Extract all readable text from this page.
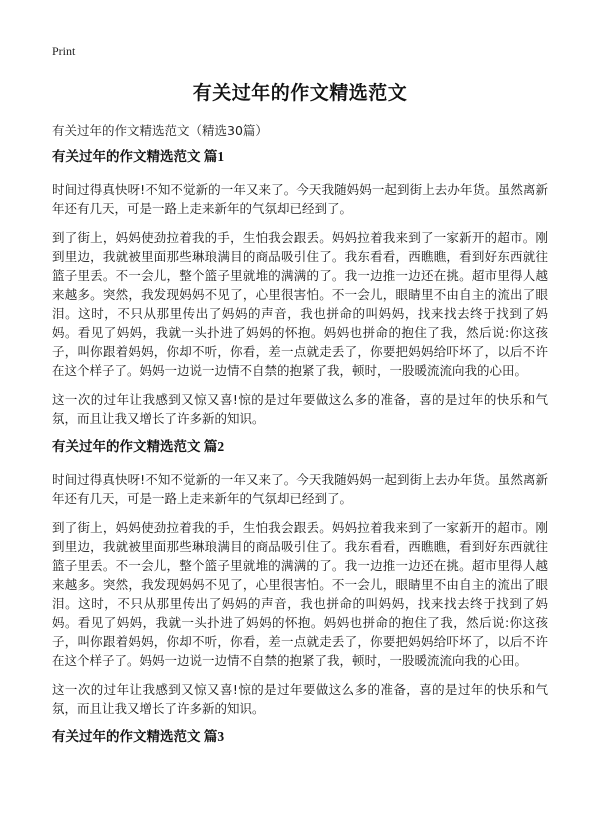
Print
有关过年的作文精选范文
有关过年的作文精选范文（精选30篇）
有关过年的作文精选范文 篇1

时间过得真快呀!不知不觉新的一年又来了。今天我随妈妈一起到街上去办年货。虽然离新年还有几天，可是一路上走来新年的气氛却已经到了。

到了街上，妈妈使劲拉着我的手，生怕我会跟丢。妈妈拉着我来到了一家新开的超市。刚到里边，我就被里面那些琳琅满目的商品吸引住了。我东看看，西瞧瞧，看到好东西就往篮子里丢。不一会儿，整个篮子里就堆的满满的了。我一边推一边还在挑。超市里得人越来越多。突然，我发现妈妈不见了，心里很害怕。不一会儿，眼睛里不由自主的流出了眼泪。这时，不只从那里传出了妈妈的声音，我也拼命的叫妈妈，找来找去终于找到了妈妈。看见了妈妈，我就一头扑进了妈妈的怀抱。妈妈也拼命的抱住了我，然后说:你这孩子，叫你跟着妈妈，你却不听，你看，差一点就走丢了，你要把妈妈给吓坏了，以后不许在这个样子了。妈妈一边说一边情不自禁的抱紧了我，顿时，一股暖流流向我的心田。

这一次的过年让我感到又惊又喜!惊的是过年要做这么多的准备，喜的是过年的快乐和气氛，而且让我又增长了许多新的知识。

有关过年的作文精选范文 篇2

时间过得真快呀!不知不觉新的一年又来了。今天我随妈妈一起到街上去办年货。虽然离新年还有几天，可是一路上走来新年的气氛却已经到了。

到了街上，妈妈使劲拉着我的手，生怕我会跟丢。妈妈拉着我来到了一家新开的超市。刚到里边，我就被里面那些琳琅满目的商品吸引住了。我东看看，西瞧瞧，看到好东西就往篮子里丢。不一会儿，整个篮子里就堆的满满的了。我一边推一边还在挑。超市里得人越来越多。突然，我发现妈妈不见了，心里很害怕。不一会儿，眼睛里不由自主的流出了眼泪。这时，不只从那里传出了妈妈的声音，我也拼命的叫妈妈，找来找去终于找到了妈妈。看见了妈妈，我就一头扑进了妈妈的怀抱。妈妈也拼命的抱住了我，然后说:你这孩子，叫你跟着妈妈，你却不听，你看，差一点就走丢了，你要把妈妈给吓坏了，以后不许在这个样子了。妈妈一边说一边情不自禁的抱紧了我，顿时，一股暖流流向我的心田。

这一次的过年让我感到又惊又喜!惊的是过年要做这么多的准备，喜的是过年的快乐和气氛，而且让我又增长了许多新的知识。

有关过年的作文精选范文 篇3
